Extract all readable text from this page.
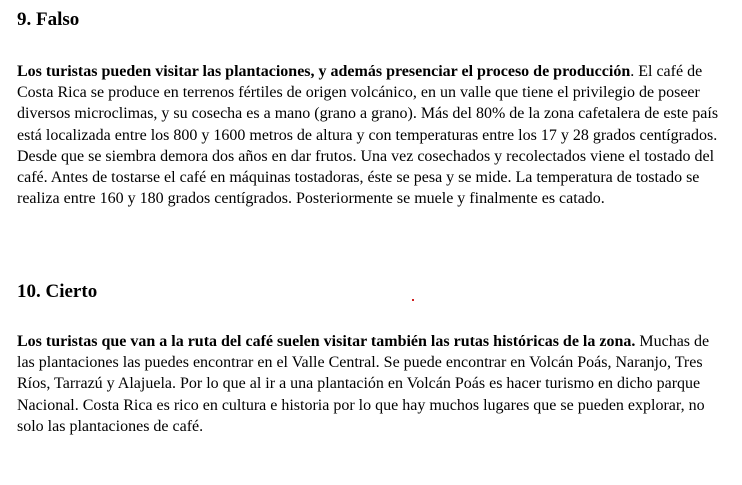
9. Falso

Los turistas pueden visitar las plantaciones, y además presenciar el proceso de producción. El café de Costa Rica se produce en terrenos fértiles de origen volcánico, en un valle que tiene el privilegio de poseer diversos microclimas, y su cosecha es a mano (grano a grano). Más del 80% de la zona cafetalera de este país está localizada entre los 800 y 1600 metros de altura y con temperaturas entre los 17 y 28 grados centígrados. Desde que se siembra demora dos años en dar frutos. Una vez cosechados y recolectados viene el tostado del café. Antes de tostarse el café en máquinas tostadoras, éste se pesa y se mide. La temperatura de tostado se realiza entre 160 y 180 grados centígrados. Posteriormente se muele y finalmente es catado.

10. Cierto

Los turistas que van a la ruta del café suelen visitar también las rutas históricas de la zona. Muchas de las plantaciones las puedes encontrar en el Valle Central. Se puede encontrar en Volcán Poás, Naranjo, Tres Ríos, Tarrazú y Alajuela. Por lo que al ir a una plantación en Volcán Poás es hacer turismo en dicho parque Nacional. Costa Rica es rico en cultura e historia por lo que hay muchos lugares que se pueden explorar, no solo las plantaciones de café.
